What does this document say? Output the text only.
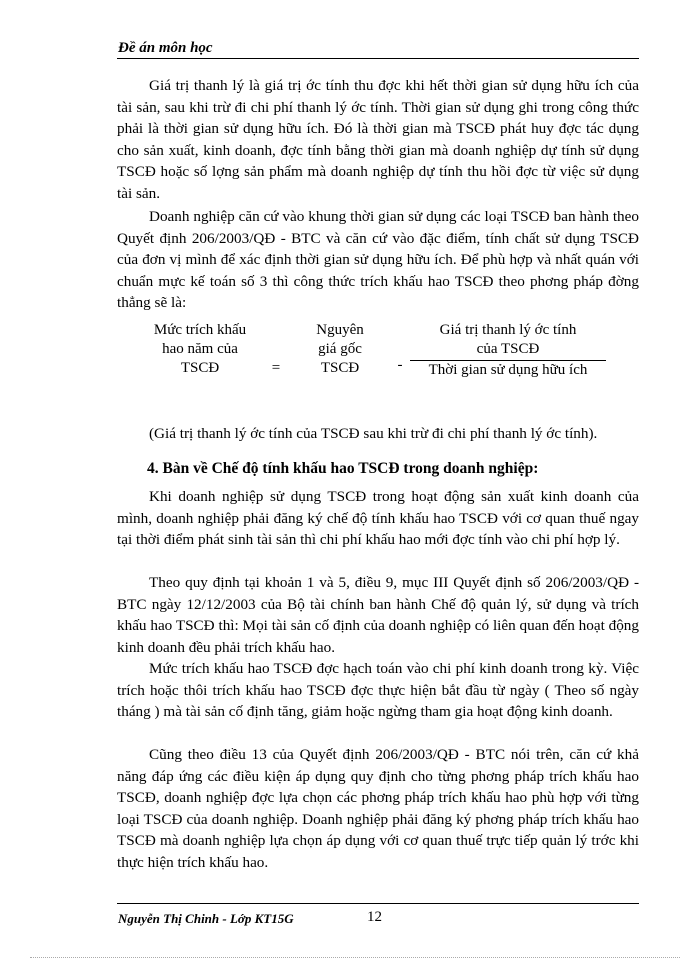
Đề án môn học
Giá trị thanh lý là giá trị ớc tính thu đợc khi hết thời gian sử dụng hữu ích của tài sản, sau khi trừ đi chi phí thanh lý ớc tính. Thời gian sử dụng ghi trong công thức phải là thời gian sử dụng hữu ích. Đó là thời gian mà TSCĐ phát huy đợc tác dụng cho sản xuất, kinh doanh, đợc tính bằng thời gian mà doanh nghiệp dự tính sử dụng TSCĐ hoặc số lợng sản phẩm mà doanh nghiệp dự tính thu hồi đợc từ việc sử dụng tài sản.
Doanh nghiệp căn cứ vào khung thời gian sử dụng các loại TSCĐ ban hành theo Quyết định 206/2003/QĐ - BTC và căn cứ vào đặc điểm, tính chất sử dụng TSCĐ của đơn vị mình để xác định thời gian sử dụng hữu ích. Để phù hợp và nhất quán với chuẩn mực kế toán số 3 thì công thức trích khấu hao TSCĐ theo phơng pháp đờng thẳng sẽ là:
Mức trích khấu
hao năm của
TSCĐ	=
Nguyên
giá gốc
TSCĐ	-
Giá trị thanh lý ớc tính
của TSCĐ
Thời gian sử dụng hữu ích
(Giá trị thanh lý ớc tính của TSCĐ sau khi trừ đi chi phí thanh lý ớc tính).
4. Bàn về Chế độ tính khấu hao TSCĐ trong doanh nghiệp:
Khi doanh nghiệp sử dụng TSCĐ trong hoạt động sản xuất kinh doanh của mình, doanh nghiệp phải đăng ký chế độ tính khấu hao TSCĐ với cơ quan thuế ngay tại thời điểm phát sinh tài sản thì chi phí khấu hao mới đợc tính vào chi phí hợp lý.
Theo quy định tại khoản 1 và 5, điều 9, mục III Quyết định số 206/2003/QĐ - BTC ngày 12/12/2003 của Bộ tài chính ban hành Chế độ quản lý, sử dụng và trích khấu hao TSCĐ thì: Mọi tài sản cố định của doanh nghiệp có liên quan đến hoạt động kinh doanh đều phải trích khấu hao.
Mức trích khấu hao TSCĐ đợc hạch toán vào chi phí kinh doanh trong kỳ. Việc trích hoặc thôi trích khấu hao TSCĐ đợc thực hiện bắt đầu từ ngày ( Theo số ngày tháng ) mà tài sản cố định tăng, giảm hoặc ngừng tham gia hoạt động kinh doanh.
Cũng theo điều 13 của Quyết định 206/2003/QĐ - BTC nói trên, căn cứ khả năng đáp ứng các điều kiện áp dụng quy định cho từng phơng pháp trích khấu hao TSCĐ, doanh nghiệp đợc lựa chọn các phơng pháp trích khấu hao phù hợp với từng loại TSCĐ của doanh nghiệp. Doanh nghiệp phải đăng ký phơng pháp trích khấu hao TSCĐ mà doanh nghiệp lựa chọn áp dụng với cơ quan thuế trực tiếp quản lý trớc khi thực hiện trích khấu hao.
Nguyễn Thị Chinh - Lớp KT15G	12
